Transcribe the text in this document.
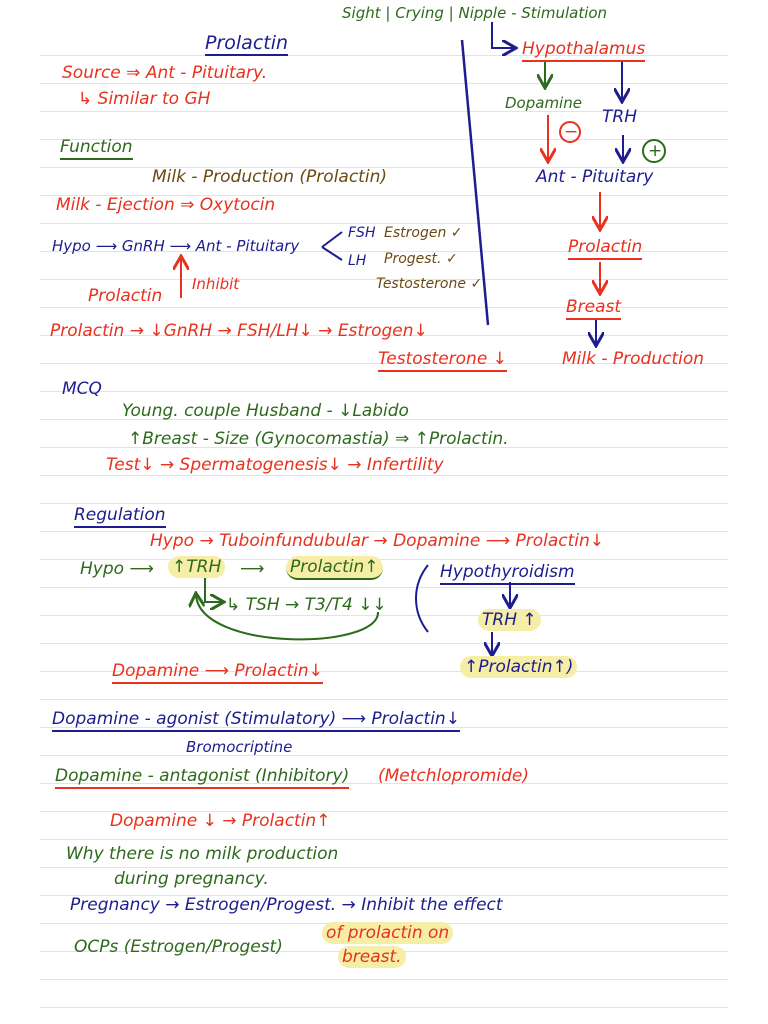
Sight | Crying | Nipple - Stimulation
Prolactin
Source ⇒ Ant - Pituitary.
↳ Similar to GH
Function
Milk - Production (Prolactin)
Milk - Ejection ⇒ Oxytocin
Hypo ⟶ GnRH ⟶ Ant - Pituitary
FSH
LH
Estrogen ✓
Progest. ✓
Testosterone ✓
Prolactin
Inhibit
Prolactin → ↓GnRH → FSH/LH↓ → Estrogen↓
Testosterone ↓
MCQ
Young. couple Husband - ↓Labido
↑Breast - Size (Gynocomastia) ⇒ ↑Prolactin.
Test↓ → Spermatogenesis↓ → Infertility
Regulation
Hypo → Tuboinfundubular → Dopamine ⟶ Prolactin↓
Hypo ⟶ ↑TRH ⟶ Prolactin↑
↳ TSH → T3/T4 ↓↓
Hypothyroidism
TRH ↑
↑Prolactin↑)
Dopamine ⟶ Prolactin↓
Dopamine - agonist (Stimulatory) ⟶ Prolactin↓
Bromocriptine
Dopamine - antagonist (Inhibitory) (Metchlopromide)
Dopamine ↓ → Prolactin↑
Why there is no milk production
during pregnancy.
Pregnancy → Estrogen/Progest. → Inhibit the effect
of prolactin on
OCPs (Estrogen/Progest)	breast.
Hypothalamus
Dopamine
TRH
−
+
Ant - Pituitary
Prolactin
Breast
Milk - Production
